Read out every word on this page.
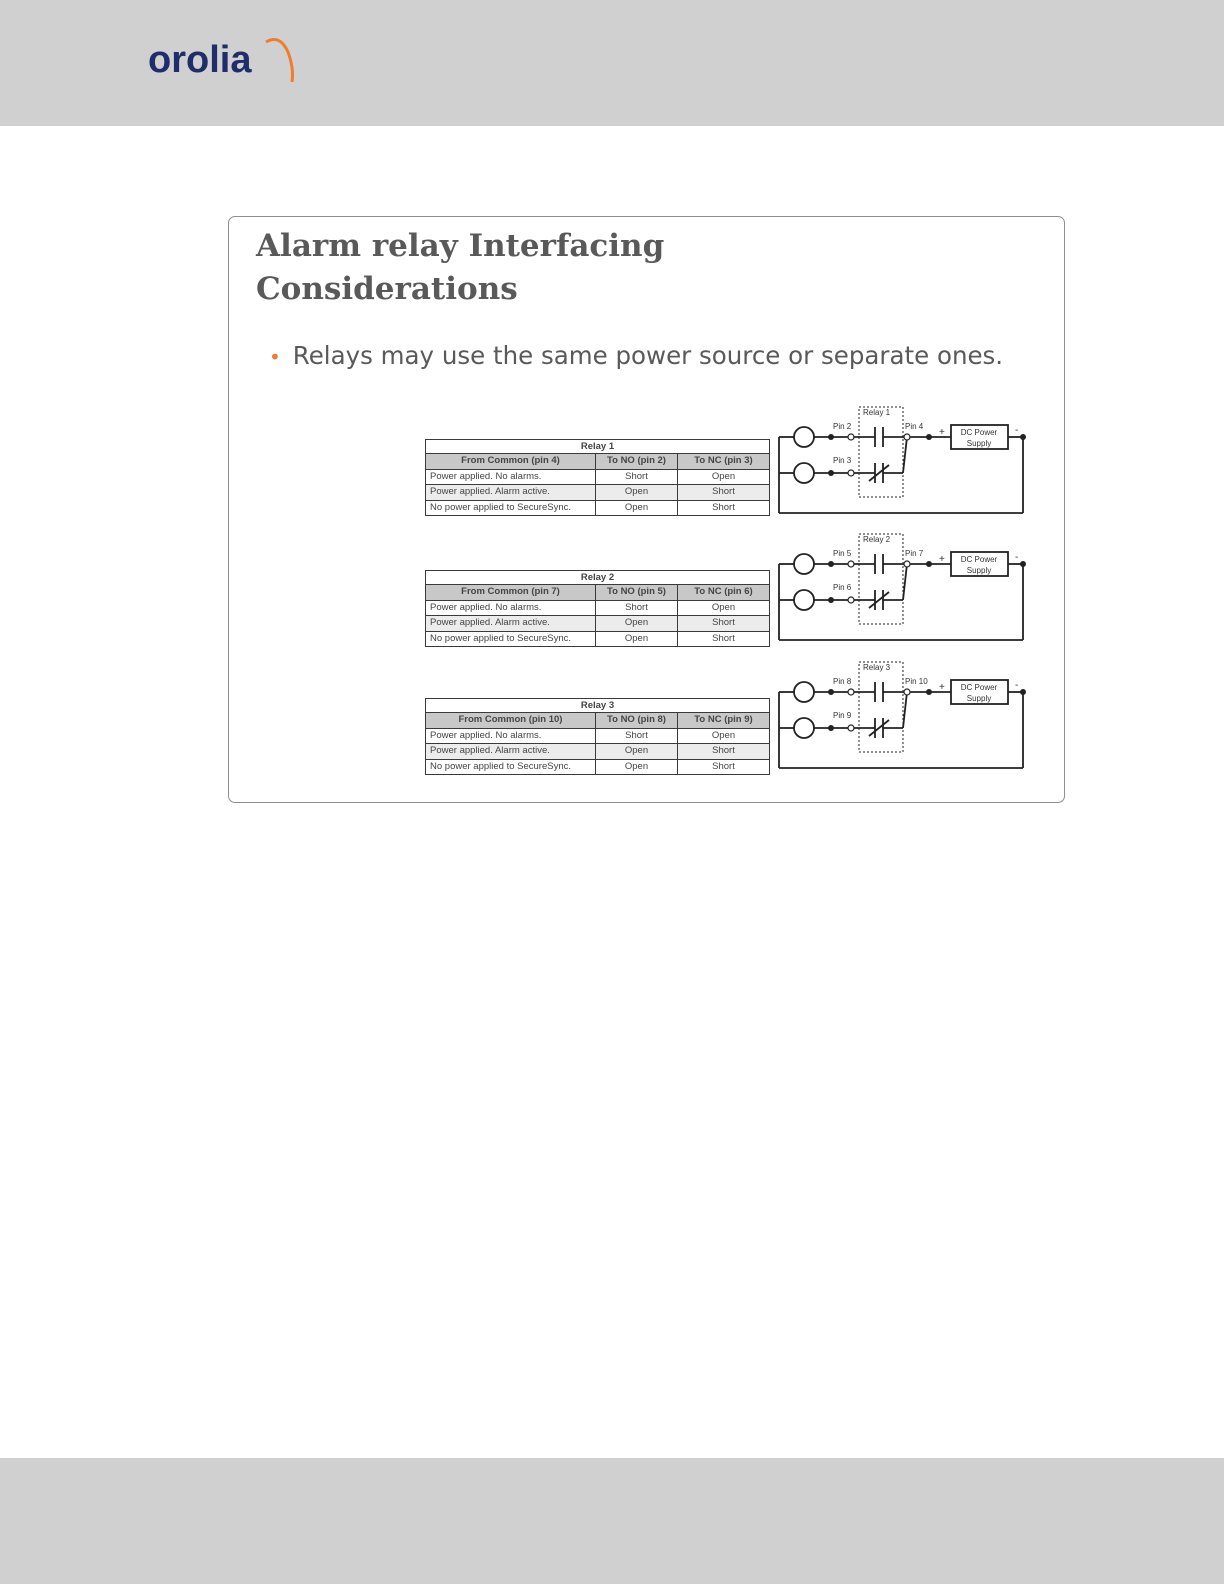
orolia
Alarm relay Interfacing Considerations
• Relays may use the same power source or separate ones.
Relay 1
From Common (pin 4)	To NO (pin 2)	To NC (pin 3)
Power applied. No alarms.	Short	Open
Power applied. Alarm active.	Open	Short
No power applied to SecureSync.	Open	Short
Relay 2
From Common (pin 7)	To NO (pin 5)	To NC (pin 6)
Power applied. No alarms.	Short	Open
Power applied. Alarm active.	Open	Short
No power applied to SecureSync.	Open	Short
Relay 3
From Common (pin 10)	To NO (pin 8)	To NC (pin 9)
Power applied. No alarms.	Short	Open
Power applied. Alarm active.	Open	Short
No power applied to SecureSync.	Open	Short
Relay 1
Pin 2
Pin 3
Pin 4
+	-
DC Power
Supply
Relay 2
Pin 5
Pin 6
Pin 7
+	-
DC Power
Supply
Relay 3
Pin 8
Pin 9
Pin 10
+	-
DC Power
Supply
